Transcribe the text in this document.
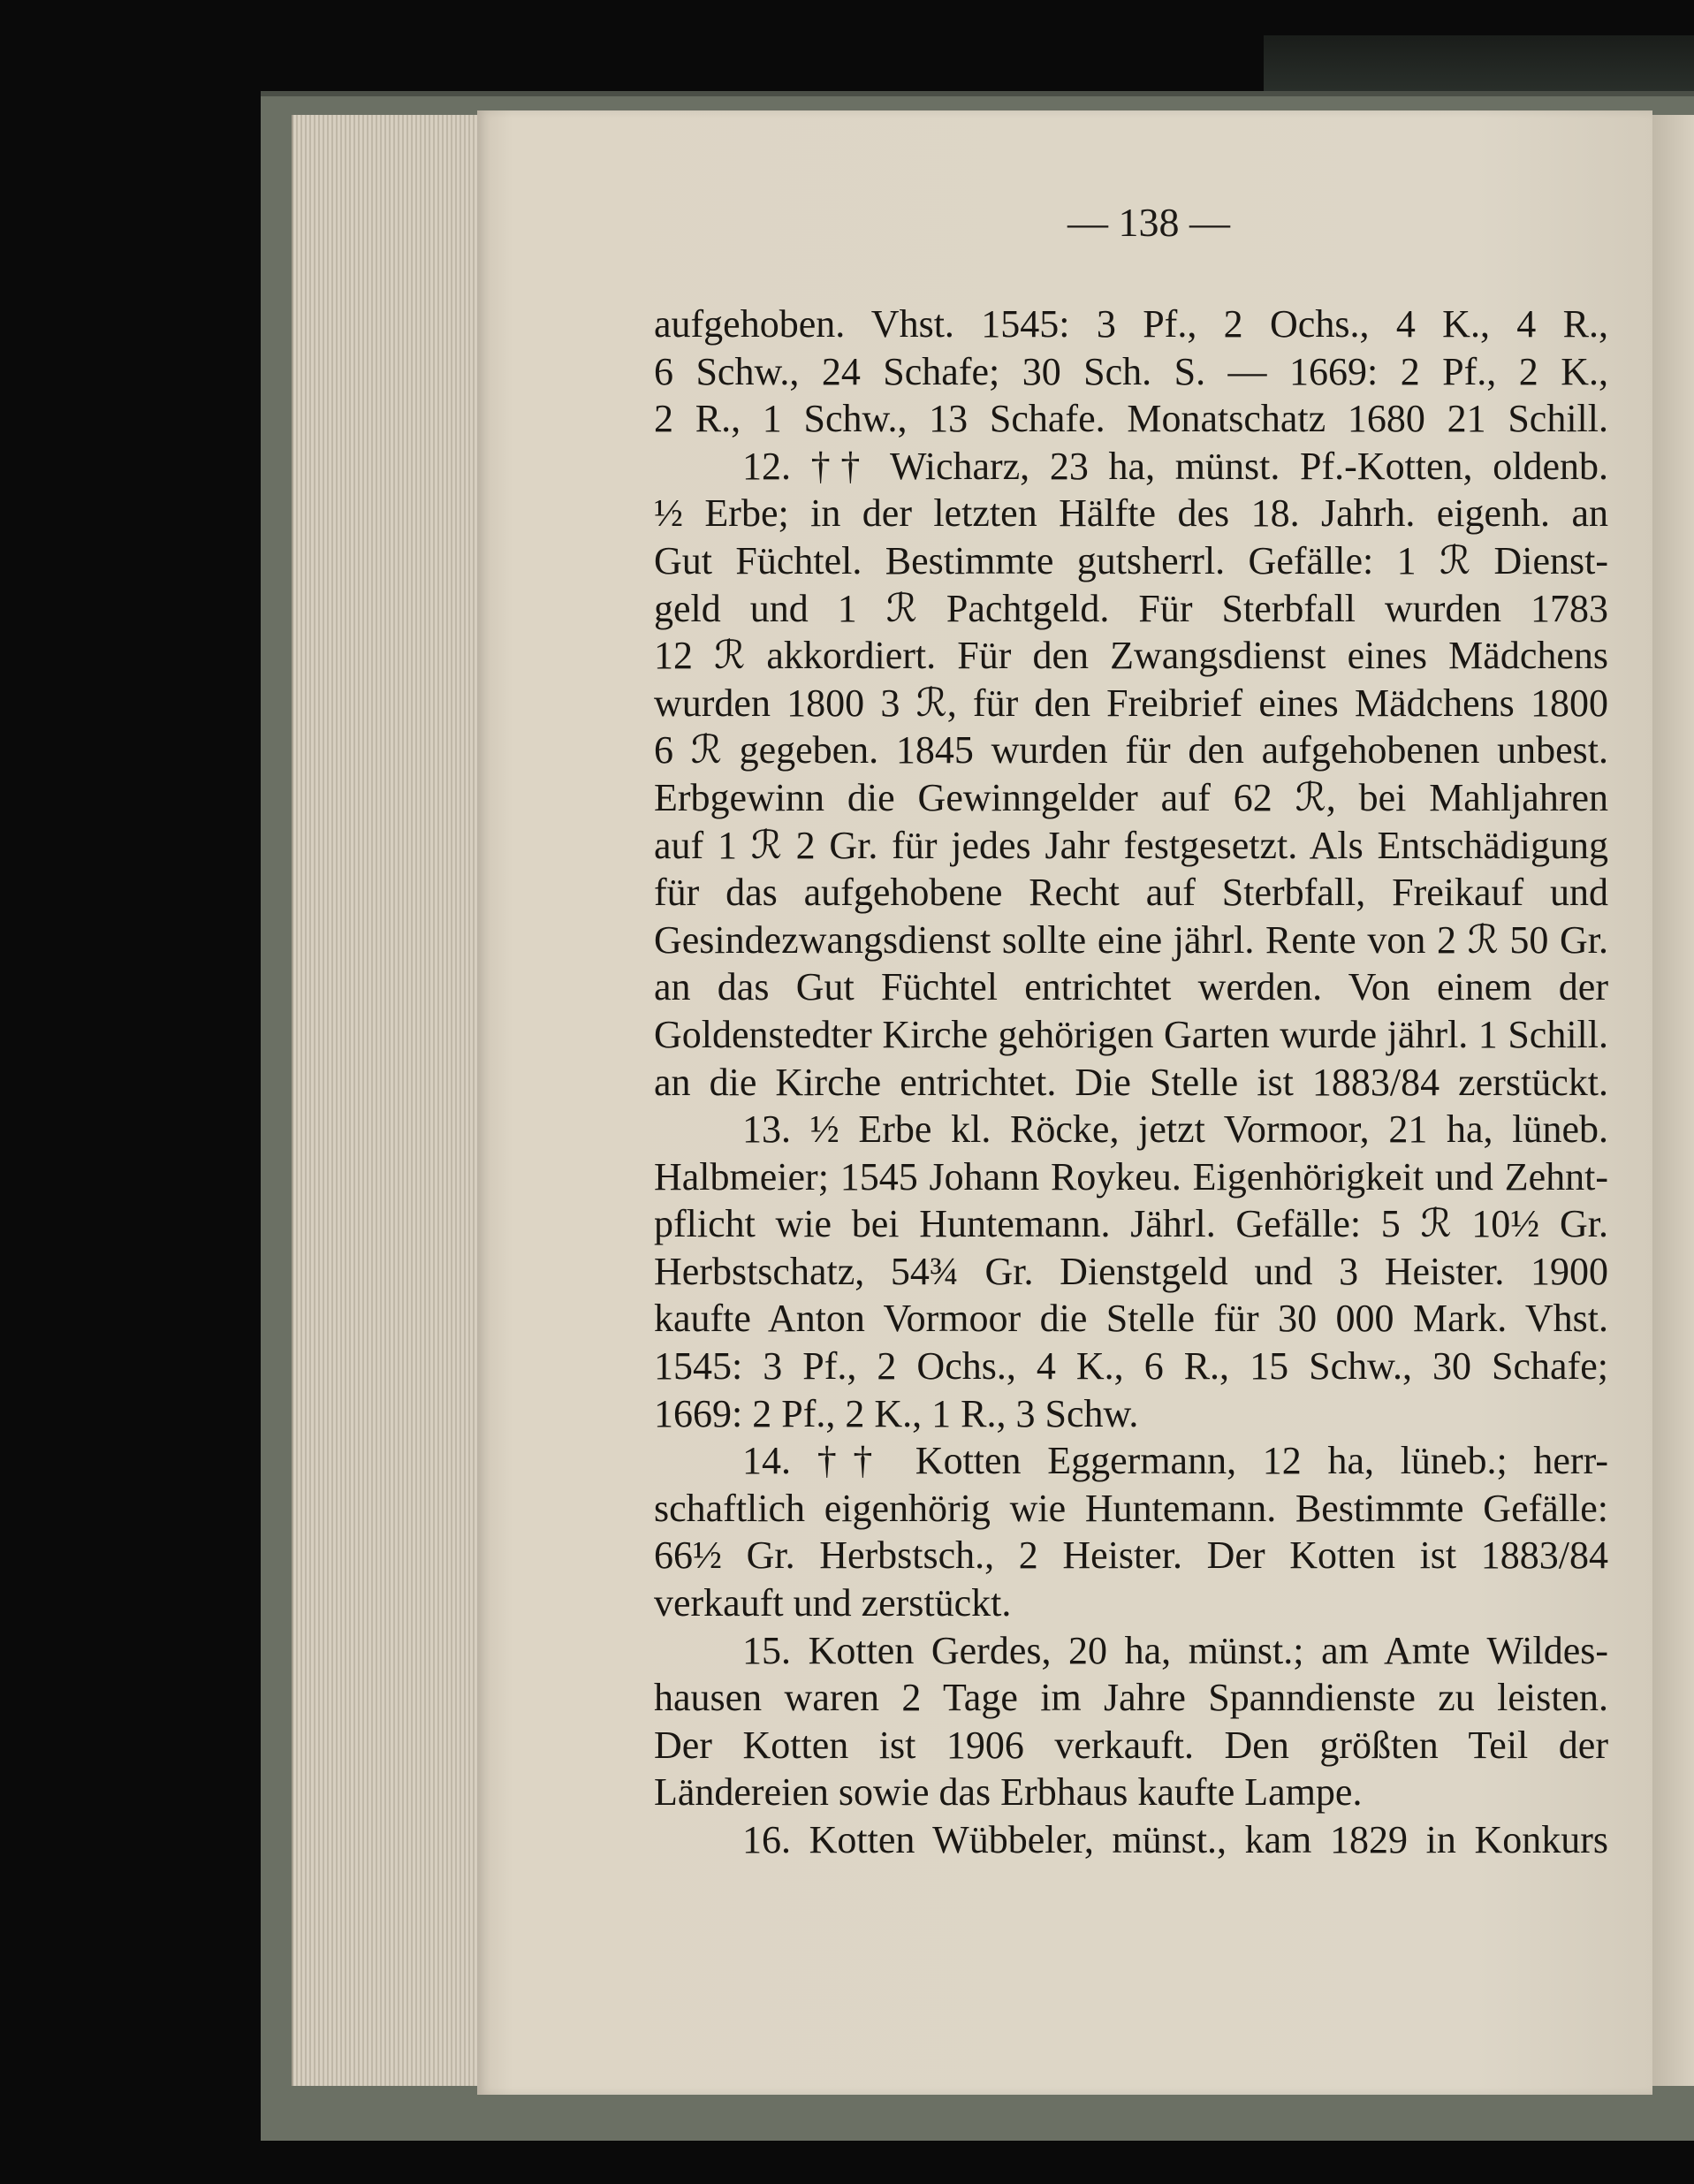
— 138 —
aufgehoben. Vhst. 1545: 3 Pf., 2 Ochs., 4 K., 4 R.,
6 Schw., 24 Schafe; 30 Sch. S. — 1669: 2 Pf., 2 K.,
2 R., 1 Schw., 13 Schafe. Monatschatz 1680 21 Schill.
12. †† Wicharz, 23 ha, münst. Pf.-Kotten, oldenb.
½ Erbe; in der letzten Hälfte des 18. Jahrh. eigenh. an
Gut Füchtel. Bestimmte gutsherrl. Gefälle: 1 ℛ Dienst-
geld und 1 ℛ Pachtgeld. Für Sterbfall wurden 1783
12 ℛ akkordiert. Für den Zwangsdienst eines Mädchens
wurden 1800 3 ℛ, für den Freibrief eines Mädchens 1800
6 ℛ gegeben. 1845 wurden für den aufgehobenen unbest.
Erbgewinn die Gewinngelder auf 62 ℛ, bei Mahljahren
auf 1 ℛ 2 Gr. für jedes Jahr festgesetzt. Als Entschädigung
für das aufgehobene Recht auf Sterbfall, Freikauf und
Gesindezwangsdienst sollte eine jährl. Rente von 2 ℛ 50 Gr.
an das Gut Füchtel entrichtet werden. Von einem der
Goldenstedter Kirche gehörigen Garten wurde jährl. 1 Schill.
an die Kirche entrichtet. Die Stelle ist 1883/84 zerstückt.
13. ½ Erbe kl. Röcke, jetzt Vormoor, 21 ha, lüneb.
Halbmeier; 1545 Johann Roykeu. Eigenhörigkeit und Zehnt-
pflicht wie bei Huntemann. Jährl. Gefälle: 5 ℛ 10½ Gr.
Herbstschatz, 54¾ Gr. Dienstgeld und 3 Heister. 1900
kaufte Anton Vormoor die Stelle für 30 000 Mark. Vhst.
1545: 3 Pf., 2 Ochs., 4 K., 6 R., 15 Schw., 30 Schafe;
1669: 2 Pf., 2 K., 1 R., 3 Schw.
14. †† Kotten Eggermann, 12 ha, lüneb.; herr-
schaftlich eigenhörig wie Huntemann. Bestimmte Gefälle:
66½ Gr. Herbstsch., 2 Heister. Der Kotten ist 1883/84
verkauft und zerstückt.
15. Kotten Gerdes, 20 ha, münst.; am Amte Wildes-
hausen waren 2 Tage im Jahre Spanndienste zu leisten.
Der Kotten ist 1906 verkauft. Den größten Teil der
Ländereien sowie das Erbhaus kaufte Lampe.
16. Kotten Wübbeler, münst., kam 1829 in Konkurs
